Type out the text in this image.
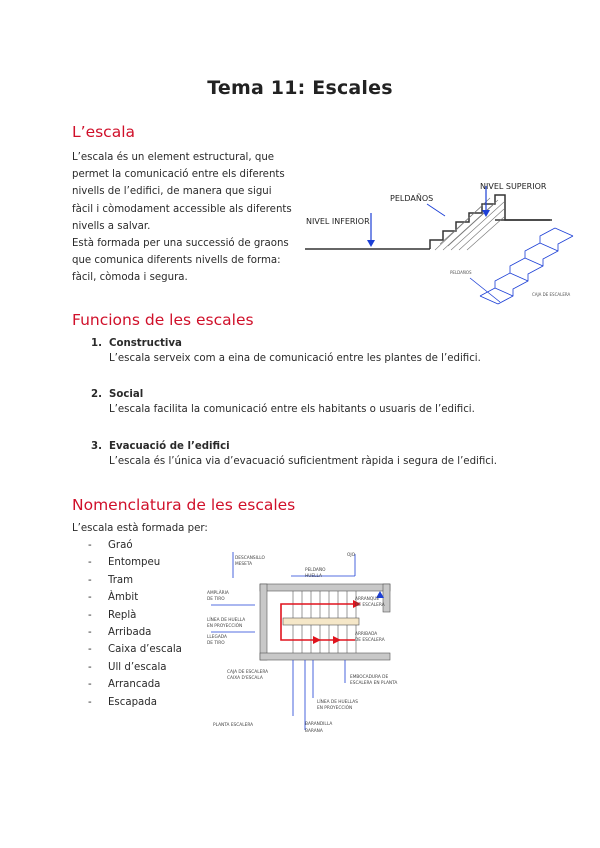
Tema 11: Escales
L’escala
L’escala és un element estructural, que
permet la comunicació entre els diferents
nivells de l’edifici, de manera que sigui
fàcil i còmodament accessible als diferents
nivells a salvar.
Està formada per una successió de graons
que comunica diferents nivells de forma:
fàcil, còmoda i segura.
NIVEL SUPERIOR
PELDAÑOS
NIVEL INFERIOR
PELDAÑOS
CAJA DE ESCALERA
Funcions de les escales
1. Constructiva
L’escala serveix com a eina de comunicació entre les plantes de l’edifici.
2. Social
L’escala facilita la comunicació entre els habitants o usuaris de l’edifici.
3. Evacuació de l’edifici
L’escala és l’única via d’evacuació suficientment ràpida i segura de l’edifici.
Nomenclatura de les escales
L’escala està formada per:
- Graó
- Entompeu
- Tram
- Àmbit
- Replà
- Arribada
- Caixa d’escala
- Ull d’escala
- Arrancada
- Escapada
DESCANSILLO
MESETA
PELDAÑO
HUELLA
OJO
AMPLÀRIA
DE TIRO
LÍNEA DE HUELLA
EN PROYECCIÓN
LLEGADA
DE TIRO
ARRANQUE
DE ESCALERA
ARRIBADA
DE ESCALERA
CAJA DE ESCALERA
CAIXA D'ESCALA	EMBOCADURA DE
ESCALERA EN PLANTA
LÍNEA DE HUELLAS
EN PROYECCIÓN
PLANTA ESCALERA	BARANDILLA
BARANA
